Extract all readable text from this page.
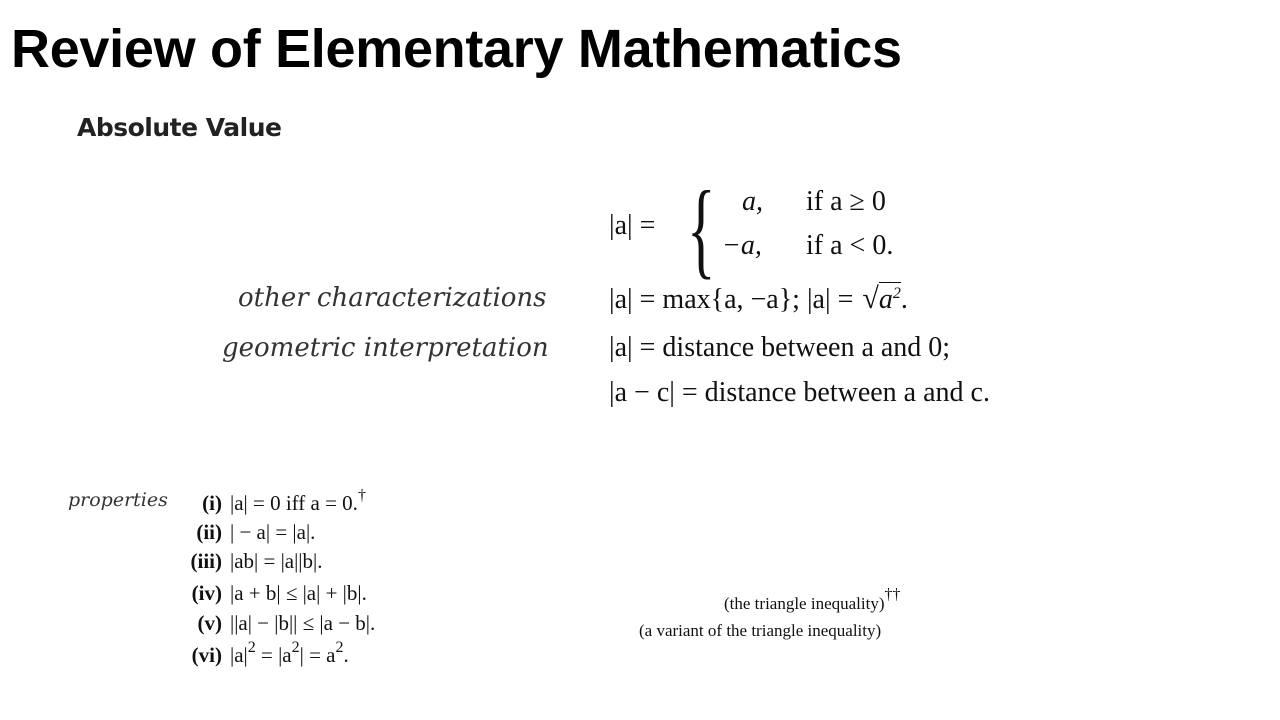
Review of Elementary Mathematics
Absolute Value
|a| = { a, if a ≥ 0
−a, if a < 0.
other characterizations |a| = max{a, −a}; $|a| = √a^2$.
geometric interpretation |a| = distance between a and 0;
|a − c| = distance between a and c.
properties	(i) |a| = 0 iff a = 0.†
(ii) | − a| = |a|.
(iii) |ab| = |a||b|.
(iv) |a + b| ≤ |a| + |b|.
(v) ||a| − |b|| ≤ |a − b|.
(vi) $|a|^2 = |a^2| = a^2$.
(the triangle inequality)††
(a variant of the triangle inequality)
